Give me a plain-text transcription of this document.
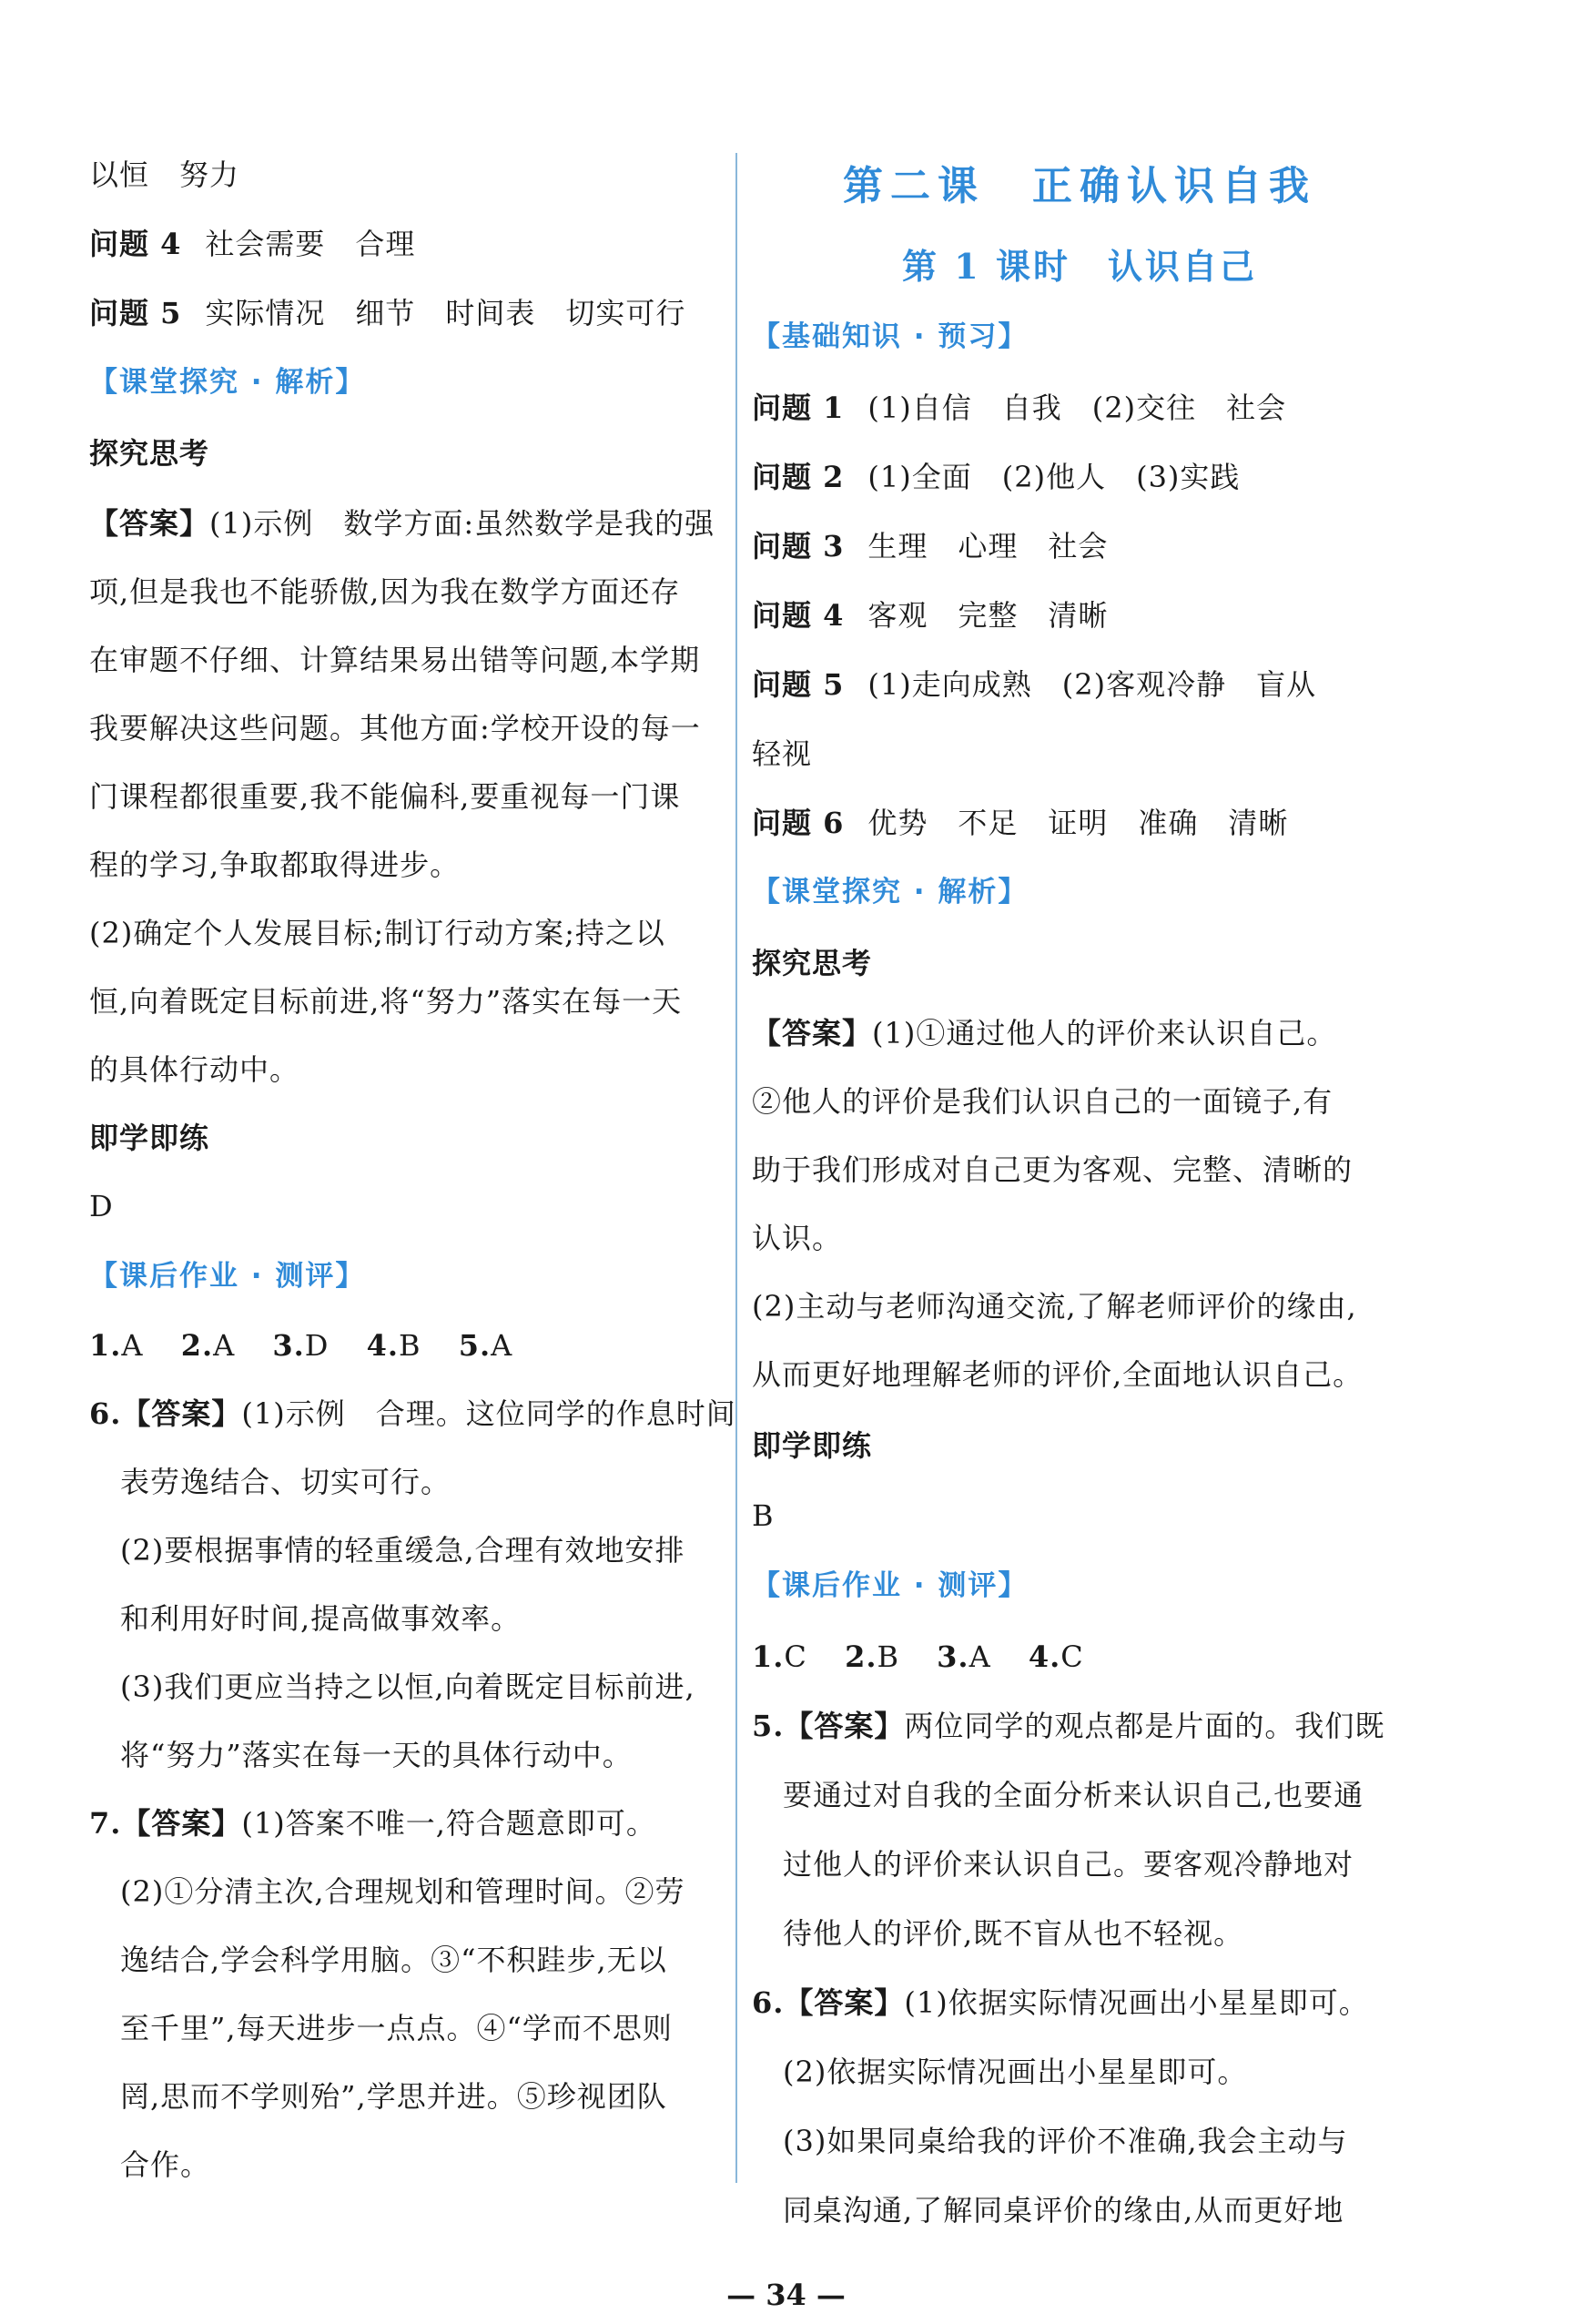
以恒　努力
问题 4 社会需要　合理
问题 5 实际情况　细节　时间表　切实可行
【课堂探究 · 解析】
探究思考
【答案】(1)示例　数学方面:虽然数学是我的强
项,但是我也不能骄傲,因为我在数学方面还存
在审题不仔细、计算结果易出错等问题,本学期
我要解决这些问题。其他方面:学校开设的每一
门课程都很重要,我不能偏科,要重视每一门课
程的学习,争取都取得进步。
(2)确定个人发展目标;制订行动方案;持之以
恒,向着既定目标前进,将“努力”落实在每一天
的具体行动中。
即学即练
D
【课后作业 · 测评】
1.A 2.A 3.D 4.B 5.A
6.【答案】(1)示例　合理。这位同学的作息时间
表劳逸结合、切实可行。
(2)要根据事情的轻重缓急,合理有效地安排
和利用好时间,提高做事效率。
(3)我们更应当持之以恒,向着既定目标前进,
将“努力”落实在每一天的具体行动中。
7.【答案】(1)答案不唯一,符合题意即可。
(2)①分清主次,合理规划和管理时间。②劳
逸结合,学会科学用脑。③“不积跬步,无以
至千里”,每天进步一点点。④“学而不思则
罔,思而不学则殆”,学思并进。⑤珍视团队
合作。
第二课　正确认识自我
第 1 课时　认识自己
【基础知识 · 预习】
问题 1 (1)自信　自我　(2)交往　社会
问题 2 (1)全面　(2)他人　(3)实践
问题 3 生理　心理　社会
问题 4 客观　完整　清晰
问题 5 (1)走向成熟　(2)客观冷静　盲从
轻视
问题 6 优势　不足　证明　准确　清晰
【课堂探究 · 解析】
探究思考
【答案】(1)①通过他人的评价来认识自己。
②他人的评价是我们认识自己的一面镜子,有
助于我们形成对自己更为客观、完整、清晰的
认识。
(2)主动与老师沟通交流,了解老师评价的缘由,
从而更好地理解老师的评价,全面地认识自己。
即学即练
B
【课后作业 · 测评】
1.C 2.B 3.A 4.C
5.【答案】两位同学的观点都是片面的。我们既
要通过对自我的全面分析来认识自己,也要通
过他人的评价来认识自己。要客观冷静地对
待他人的评价,既不盲从也不轻视。
6.【答案】(1)依据实际情况画出小星星即可。
(2)依据实际情况画出小星星即可。
(3)如果同桌给我的评价不准确,我会主动与
同桌沟通,了解同桌评价的缘由,从而更好地
— 34 —
